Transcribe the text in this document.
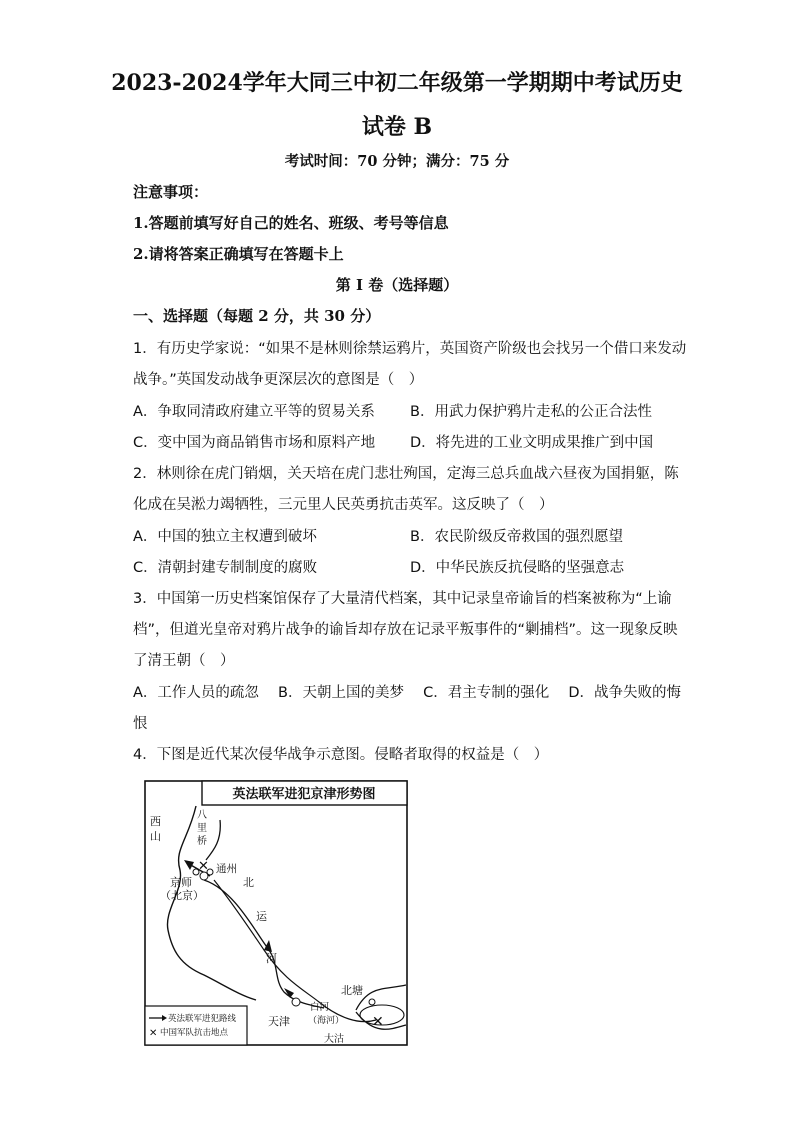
2023-2024学年大同三中初二年级第一学期期中考试历史
试卷 B
考试时间：70 分钟；满分：75 分
注意事项：
1.答题前填写好自己的姓名、班级、考号等信息
2.请将答案正确填写在答题卡上
第 I 卷（选择题）
一、选择题（每题 2 分，共 30 分）
1．有历史学家说：“如果不是林则徐禁运鸦片，英国资产阶级也会找另一个借口来发动
战争。”英国发动战争更深层次的意图是（　）
A．争取同清政府建立平等的贸易关系 B．用武力保护鸦片走私的公正合法性
C．变中国为商品销售市场和原料产地 D．将先进的工业文明成果推广到中国
2．林则徐在虎门销烟，关天培在虎门悲壮殉国，定海三总兵血战六昼夜为国捐躯，陈
化成在吴淞力竭牺牲，三元里人民英勇抗击英军。这反映了（　）
A．中国的独立主权遭到破坏	B．农民阶级反帝救国的强烈愿望
C．清朝封建专制制度的腐败	D．中华民族反抗侵略的坚强意志
3．中国第一历史档案馆保存了大量清代档案，其中记录皇帝谕旨的档案被称为“上谕
档”，但道光皇帝对鸦片战争的谕旨却存放在记录平叛事件的“剿捕档”。这一现象反映
了清王朝（　）
A．工作人员的疏忽　 B．天朝上国的美梦　 C．君主专制的强化　 D．战争失败的悔
恨
4．下图是近代某次侵华战争示意图。侵略者取得的权益是（　）
英法联军进犯京津形势图
✕
✕
西
山
八
里
桥
通州
京师
（北京）
北
运
河
北塘
天津
白河
（海河）
大沽
英法联军进犯路线
✕ 中国军队抗击地点
